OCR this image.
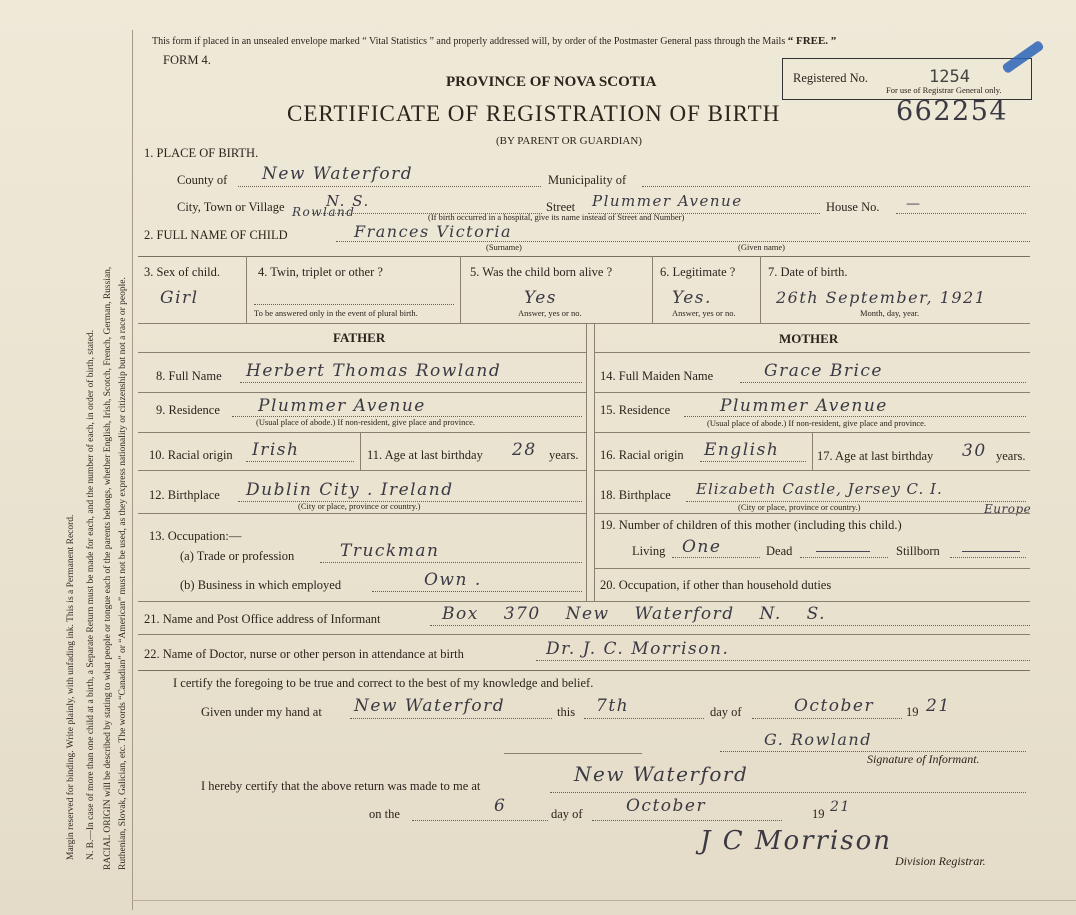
Margin reserved for binding. Write plainly, with unfading ink. This is a Permanent Record. N. B.—In case of more than one child at a birth, a Separate Return must be made for each, and the number of each, in order of birth, stated. RACIAL ORIGIN will be described by stating to what people or tongue each of the parents belongs, whether English, Irish, Scotch, French, German, Russian, Ruthenian, Slovak, Galician, etc. The words “Canadian” or “American” must not be used, as they express nationality or citizenship but not a race or people.
This form if placed in an unsealed envelope marked “ Vital Statistics ” and properly addressed will, by order of the Postmaster General pass through the Mails “ FREE. ”
FORM 4.
PROVINCE OF NOVA SCOTIA
CERTIFICATE OF REGISTRATION OF BIRTH	662254
(BY PARENT OR GUARDIAN)
Registered No.	1254
For use of Registrar General only.
1. PLACE OF BIRTH.
County of New Waterford	Municipality of
City, Town or Village	N. S.	Street Plummer Avenue	House No. —
(If birth occurred in a hospital, give its name instead of Street and Number)
2. FULL NAME OF CHILD
Rowland
Frances Victoria
(Surname)	(Given name)
3. Sex of child.
Girl
4. Twin, triplet or other ?
To be answered only in the event of plural birth.
5. Was the child born alive ?
Yes
Answer, yes or no.
6. Legitimate ?
Yes.
Answer, yes or no.
7. Date of birth.
26th September, 1921
Month, day, year.
FATHER	MOTHER
8. Full Name Herbert Thomas Rowland	14. Full Maiden Name	Grace Brice
9. Residence Plummer Avenue
(Usual place of abode.) If non-resident, give place and province.
15. Residence	Plummer Avenue
(Usual place of abode.) If non-resident, give place and province.
10. Racial origin Irish	11. Age at last birthday 28 years. 16. Racial origin English	17. Age at last birthday 30 years.
12. Birthplace Dublin City . Ireland
(City or place, province or country.)
18. Birthplace Elizabeth Castle, Jersey C. I.
Europe
(City or place, province or country.)
13. Occupation:—
(a) Trade or profession	Truckman
(b) Business in which employed	Own .
19. Number of children of this mother (including this child.)
Living One	Dead	Stillborn
20. Occupation, if other than household duties
21. Name and Post Office address of Informant	Box 370 New Waterford N. S.
22. Name of Doctor, nurse or other person in attendance at birth	Dr. J. C. Morrison.
I certify the foregoing to be true and correct to the best of my knowledge and belief.
Given under my hand at New Waterford	this 7th	day of	October	19 21
G. Rowland
Signature of Informant.
I hereby certify that the above return was made to me at	New Waterford
on the	6	day of	October	19 21
J C Morrison
Division Registrar.
